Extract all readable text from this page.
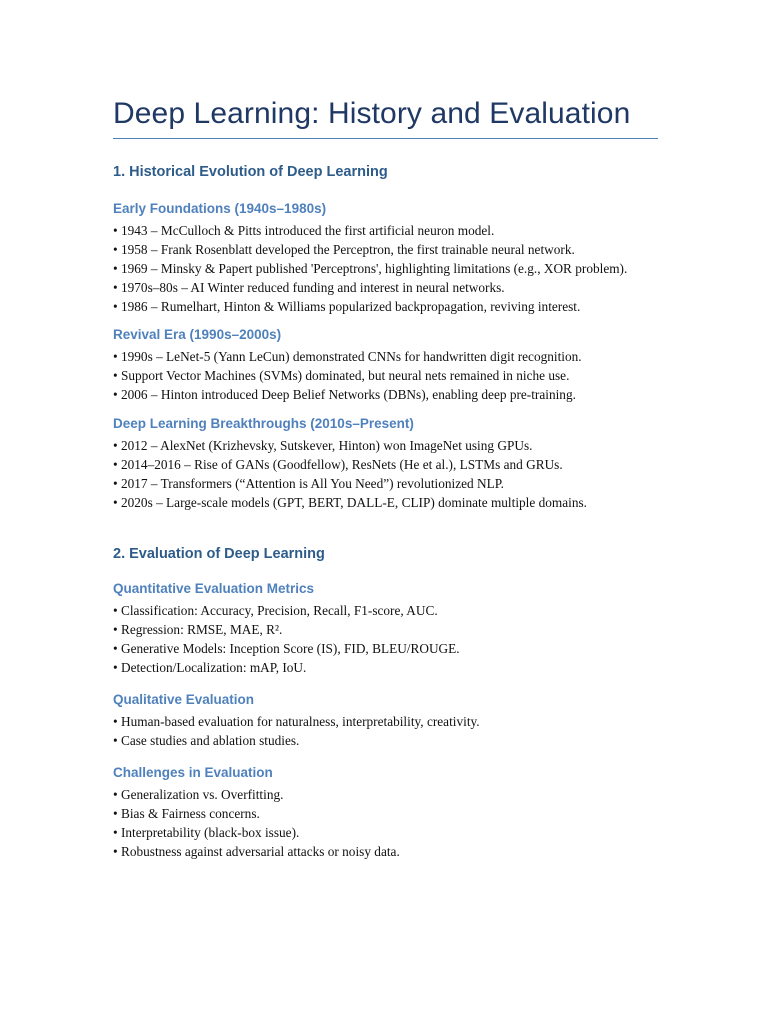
Deep Learning: History and Evaluation
1. Historical Evolution of Deep Learning
Early Foundations (1940s–1980s)
• 1943 – McCulloch & Pitts introduced the first artificial neuron model.
• 1958 – Frank Rosenblatt developed the Perceptron, the first trainable neural network.
• 1969 – Minsky & Papert published 'Perceptrons', highlighting limitations (e.g., XOR problem).
• 1970s–80s – AI Winter reduced funding and interest in neural networks.
• 1986 – Rumelhart, Hinton & Williams popularized backpropagation, reviving interest.
Revival Era (1990s–2000s)
• 1990s – LeNet-5 (Yann LeCun) demonstrated CNNs for handwritten digit recognition.
• Support Vector Machines (SVMs) dominated, but neural nets remained in niche use.
• 2006 – Hinton introduced Deep Belief Networks (DBNs), enabling deep pre-training.
Deep Learning Breakthroughs (2010s–Present)
• 2012 – AlexNet (Krizhevsky, Sutskever, Hinton) won ImageNet using GPUs.
• 2014–2016 – Rise of GANs (Goodfellow), ResNets (He et al.), LSTMs and GRUs.
• 2017 – Transformers (“Attention is All You Need”) revolutionized NLP.
• 2020s – Large-scale models (GPT, BERT, DALL-E, CLIP) dominate multiple domains.
2. Evaluation of Deep Learning
Quantitative Evaluation Metrics
• Classification: Accuracy, Precision, Recall, F1-score, AUC.
• Regression: RMSE, MAE, R².
• Generative Models: Inception Score (IS), FID, BLEU/ROUGE.
• Detection/Localization: mAP, IoU.
Qualitative Evaluation
• Human-based evaluation for naturalness, interpretability, creativity.
• Case studies and ablation studies.
Challenges in Evaluation
• Generalization vs. Overfitting.
• Bias & Fairness concerns.
• Interpretability (black-box issue).
• Robustness against adversarial attacks or noisy data.
